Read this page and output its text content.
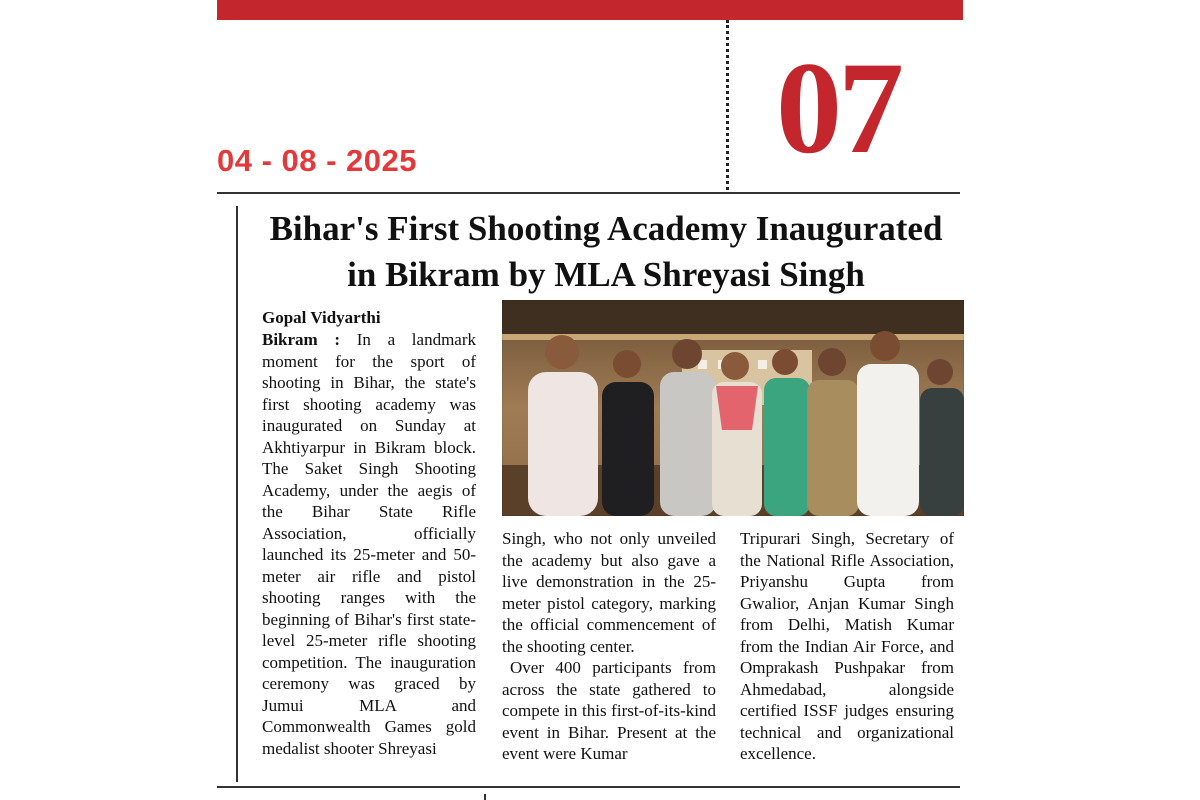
04 - 08 - 2025	07
Bihar's First Shooting Academy Inaugurated
in Bikram by MLA Shreyasi Singh
Gopal Vidyarthi

Bikram : In a landmark moment for the sport of shooting in Bihar, the state's first shooting academy was inaugurated on Sunday at Akhtiyarpur in Bikram block. The Saket Singh Shooting Academy, under the aegis of the Bihar State Rifle Association, officially launched its 25-meter and 50-meter air rifle and pistol shooting ranges with the beginning of Bihar's first state-level 25-meter rifle shooting competition. The inauguration ceremony was graced by Jumui MLA and Commonwealth Games gold medalist shooter Shreyasi

Singh, who not only unveiled the academy but also gave a live demonstration in the 25-meter pistol category, marking the official commencement of the shooting center.

Over 400 participants from across the state gathered to compete in this first-of-its-kind event in Bihar. Present at the event were Kumar

Tripurari Singh, Secretary of the National Rifle Association, Priyanshu Gupta from Gwalior, Anjan Kumar Singh from Delhi, Matish Kumar from the Indian Air Force, and Omprakash Pushpakar from Ahmedabad, alongside certified ISSF judges ensuring technical and organizational excellence.
